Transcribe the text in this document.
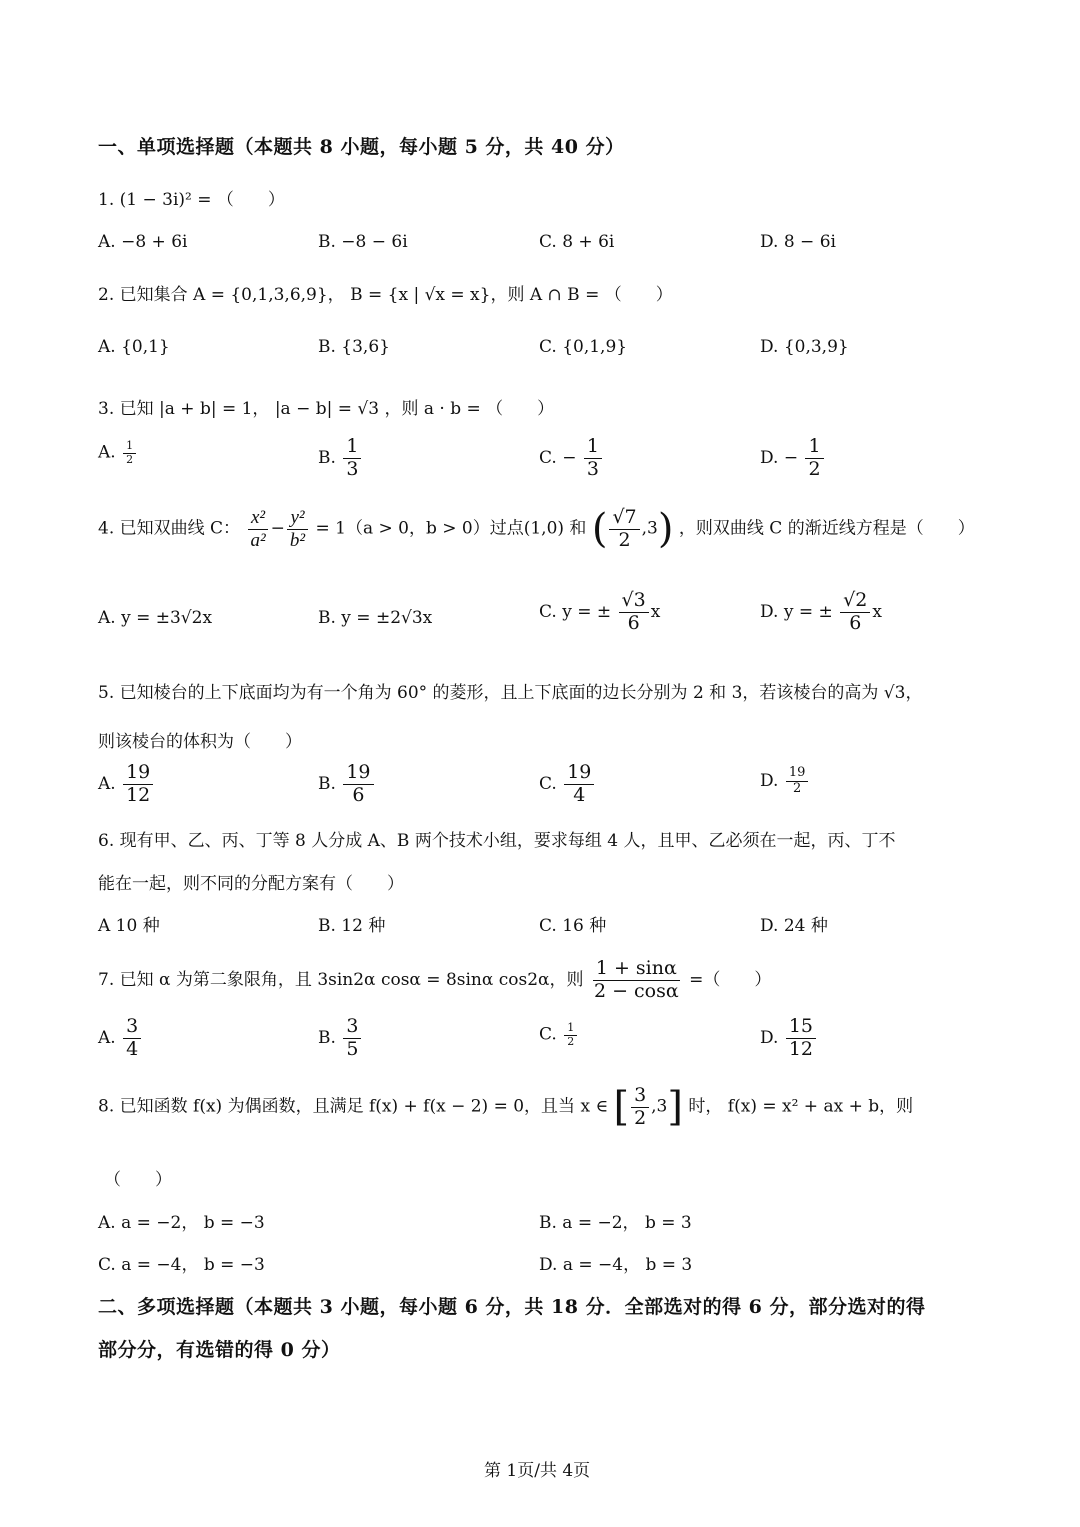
一、单项选择题（本题共 8 小题，每小题 5 分，共 40 分）
1. (1 − 3i)² = （　　）
A. −8 + 6i	B. −8 − 6i	C. 8 + 6i	D. 8 − 6i
2. 已知集合 A = {0,1,3,6,9}， B = {x | √x = x}，则 A ∩ B = （　　）
A. {0,1}	B. {3,6}	C. {0,1,9}	D. {0,3,9}
3. 已知 |a + b| = 1， |a − b| = √3 ，则 a · b = （　　）
A. $\frac{1}{2}$	B. $\frac{1}{3}$	C. − $\frac{1}{3}$	D. − $\frac{1}{2}$
4. 已知双曲线 C： $\frac{\text{x²}}{\text{a²}} - \frac{\text{y²}}{\text{b²}} = 1(a > 0$，b > 0）过点(1,0) 和 ( $\frac{√7}{2} ,3$) ，则双曲线 C 的渐近线方程是（　　）
A. y = ±3√2x	B. y = ±2√3x	C. y = ± $\frac{√3}{6}$ x	D. y = ± $\frac{√2}{6}$ x
5. 已知棱台的上下底面均为有一个角为 60° 的菱形，且上下底面的边长分别为 2 和 3，若该棱台的高为 √3，
则该棱台的体积为（　　）
A. $\frac{19}{12}$	B. $\frac{19}{6}$	C. $\frac{19}{4}$	D. $\frac{19}{2}$
6. 现有甲、乙、丙、丁等 8 人分成 A、B 两个技术小组，要求每组 4 人，且甲、乙必须在一起，丙、丁不
能在一起，则不同的分配方案有（　　）
A 10 种	B. 12 种	C. 16 种	D. 24 种
7. 已知 α 为第二象限角，且 3sin2α cosα = 8sinα cos2α，则 $\frac{1 + \sin\alpha}{2 - \cos\alpha}$ =（　　）
A. $\frac{3}{4}$	B. $\frac{3}{5}$	C. $\frac{1}{2}$	D. $\frac{15}{12}$
8. 已知函数 f(x) 为偶函数，且满足 f(x) + f(x − 2) = 0，且当 x ∈ [ $\frac{3}{2} ,3$] 时， f(x) = x² + ax + b，则
（　　）
A. a = −2， b = −3	B. a = −2， b = 3
C. a = −4， b = −3	D. a = −4， b = 3
二、多项选择题（本题共 3 小题，每小题 6 分，共 18 分．全部选对的得 6 分，部分选对的得
部分分，有选错的得 0 分）
第 1页/共 4页
